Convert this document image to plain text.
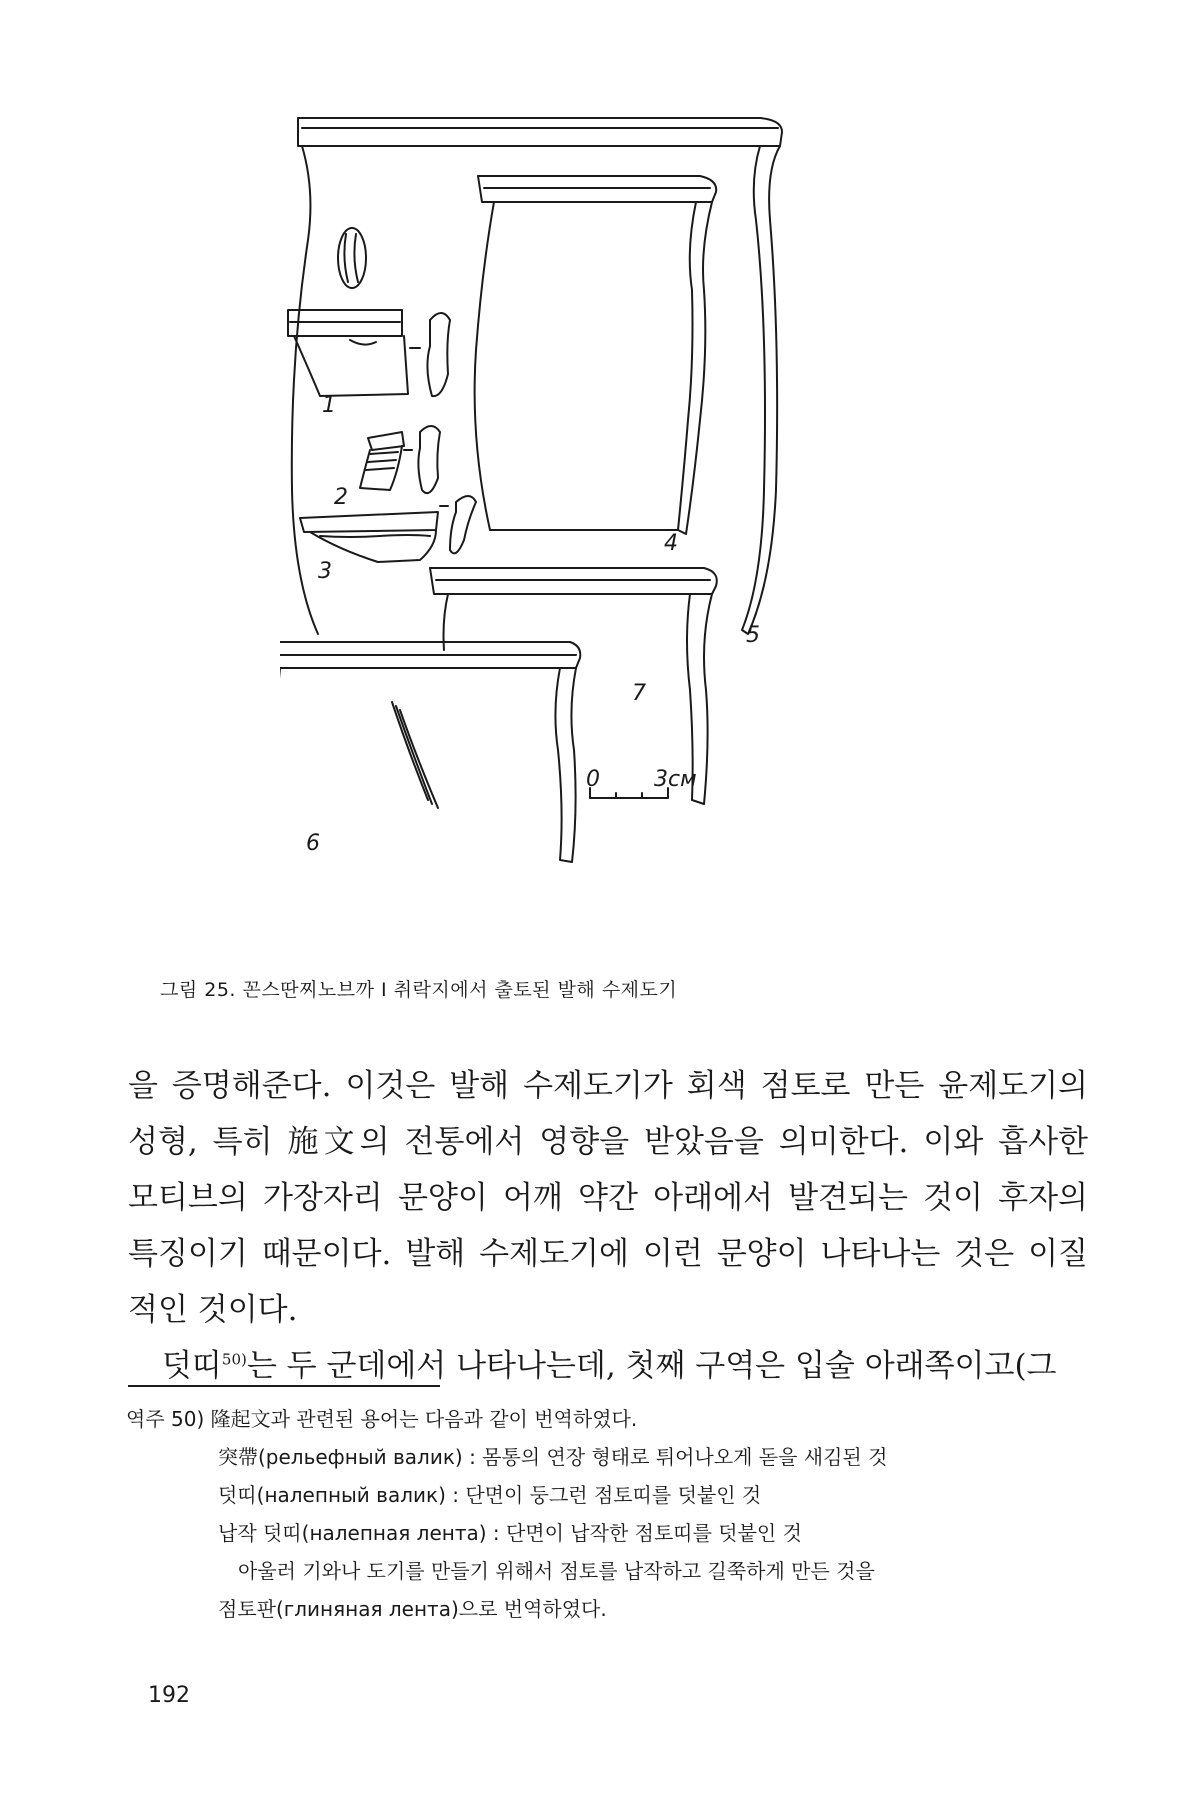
0 3см
1
2
3
4
5
6
7
그림 25. 꼰스딴찌노브까 Ⅰ 취락지에서 출토된 발해 수제도기

을 증명해준다. 이것은 발해 수제도기가 회색 점토로 만든 윤제도기의

성형, 특히 施文의 전통에서 영향을 받았음을 의미한다. 이와 흡사한

모티브의 가장자리 문양이 어깨 약간 아래에서 발견되는 것이 후자의

특징이기 때문이다. 발해 수제도기에 이런 문양이 나타나는 것은 이질

적인 것이다.

덧띠$^{50)}$는 두 군데에서 나타나는데, 첫째 구역은 입술 아래쪽이고(그

역주 50) 隆起文과 관련된 용어는 다음과 같이 번역하였다.
突帶(рельефный валик) : 몸통의 연장 형태로 튀어나오게 돋을 새김된 것
덧띠(налепный валик) : 단면이 둥그런 점토띠를 덧붙인 것
납작 덧띠(налепная лента) : 단면이 납작한 점토띠를 덧붙인 것
아울러 기와나 도기를 만들기 위해서 점토를 납작하고 길쭉하게 만든 것을
점토판(глиняная лента)으로 번역하였다.
192
